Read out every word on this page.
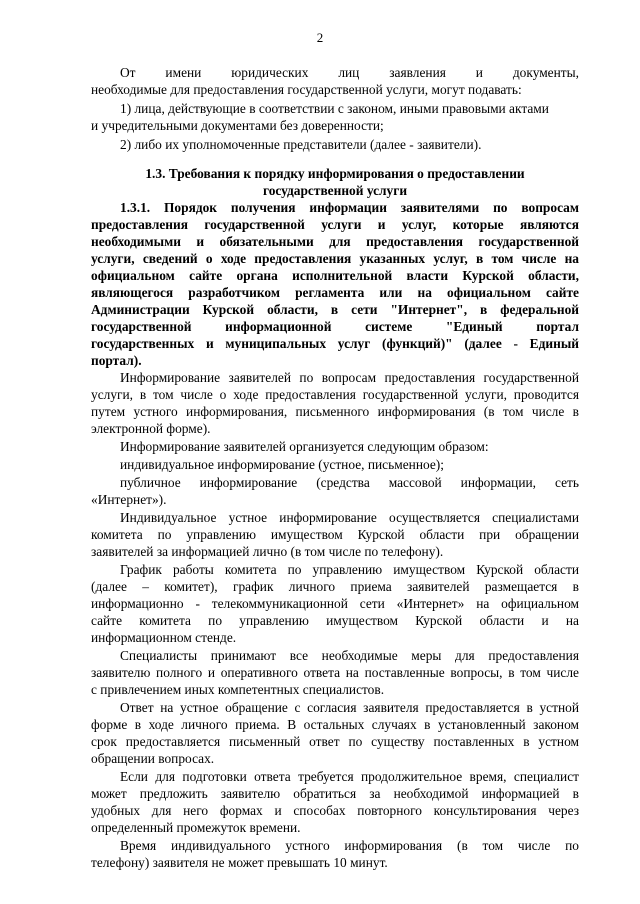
2
От имени юридических лиц заявления и документы,
необходимые для предоставления государственной услуги, могут подавать:
1) лица, действующие в соответствии с законом, иными правовыми актами
и учредительными документами без доверенности;
2) либо их уполномоченные представители (далее - заявители).
1.3. Требования к порядку информирования о предоставлении
государственной услуги
1.3.1. Порядок получения информации заявителями по вопросам
предоставления государственной услуги и услуг, которые являются
необходимыми и обязательными для предоставления государственной
услуги, сведений о ходе предоставления указанных услуг, в том числе на
официальном сайте органа исполнительной власти Курской области,
являющегося разработчиком регламента или на официальном сайте
Администрации Курской области, в сети "Интернет", в федеральной
государственной информационной системе "Единый портал
государственных и муниципальных услуг (функций)" (далее - Единый
портал).
Информирование заявителей по вопросам предоставления государственной
услуги, в том числе о ходе предоставления государственной услуги, проводится
путем устного информирования, письменного информирования (в том числе в
электронной форме).
Информирование заявителей организуется следующим образом:
индивидуальное информирование (устное, письменное);
публичное информирование (средства массовой информации, сеть
«Интернет»).
Индивидуальное устное информирование осуществляется специалистами
комитета по управлению имуществом Курской области при обращении
заявителей за информацией лично (в том числе по телефону).
График работы комитета по управлению имуществом Курской области
(далее – комитет), график личного приема заявителей размещается в
информационно - телекоммуникационной сети «Интернет» на официальном
сайте комитета по управлению имуществом Курской области и на
информационном стенде.
Специалисты принимают все необходимые меры для предоставления
заявителю полного и оперативного ответа на поставленные вопросы, в том числе
с привлечением иных компетентных специалистов.
Ответ на устное обращение с согласия заявителя предоставляется в устной
форме в ходе личного приема. В остальных случаях в установленный законом
срок предоставляется письменный ответ по существу поставленных в устном
обращении вопросах.
Если для подготовки ответа требуется продолжительное время, специалист
может предложить заявителю обратиться за необходимой информацией в
удобных для него формах и способах повторного консультирования через
определенный промежуток времени.
Время индивидуального устного информирования (в том числе по
телефону) заявителя не может превышать 10 минут.
